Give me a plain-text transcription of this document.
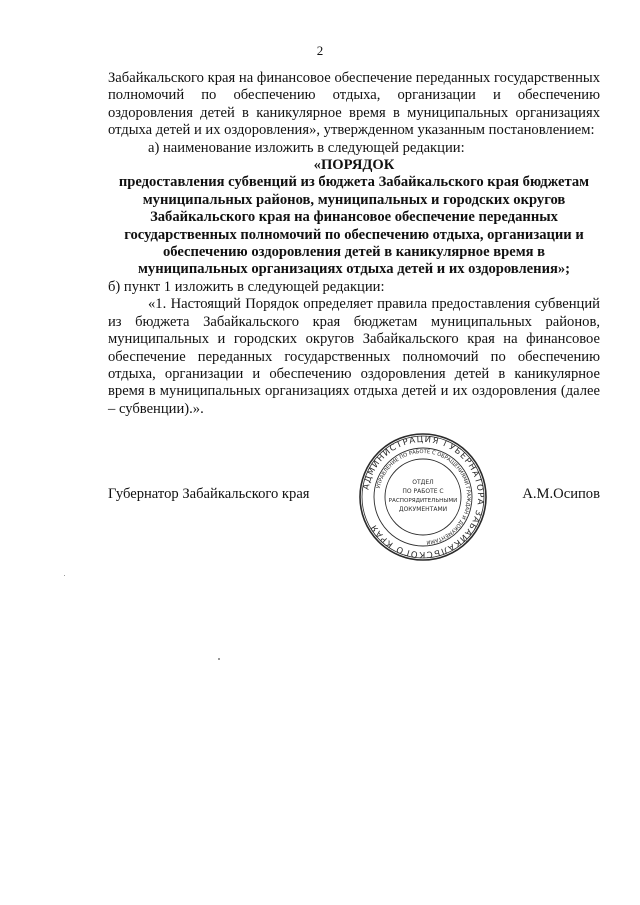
2

Забайкальского края на финансовое обеспечение переданных государственных полномочий по обеспечению отдыха, организации и обеспечению оздоровления детей в каникулярное время в муниципальных организациях отдыха детей и их оздоровления», утвержденном указанным постановлением:

а) наименование изложить в следующей редакции:

«ПОРЯДОК
предоставления субвенций из бюджета Забайкальского края бюджетам
муниципальных районов, муниципальных и городских округов
Забайкальского края на финансовое обеспечение переданных
государственных полномочий по обеспечению отдыха, организации и
обеспечению оздоровления детей в каникулярное время в
муниципальных организациях отдыха детей и их оздоровления»;

б) пункт 1 изложить в следующей редакции:

«1. Настоящий Порядок определяет правила предоставления субвенций из бюджета Забайкальского края бюджетам муниципальных районов, муниципальных и городских округов Забайкальского края на финансовое обеспечение переданных государственных полномочий по обеспечению отдыха, организации и обеспечению оздоровления детей в каникулярное время в муниципальных организациях отдыха детей и их оздоровления (далее – субвенции).».

Губернатор Забайкальского края	А.М.Осипов
АДМИНИСТРАЦИЯ ГУБЕРНАТОРА ЗАБАЙКАЛЬСКОГО КРАЯ
УПРАВЛЕНИЕ ПО РАБОТЕ С ОБРАЩЕНИЯМИ ГРАЖДАН И ДОКУМЕНТАМИ
ОТДЕЛ
ПО РАБОТЕ С
РАСПОРЯДИТЕЛЬНЫМИ
ДОКУМЕНТАМИ
